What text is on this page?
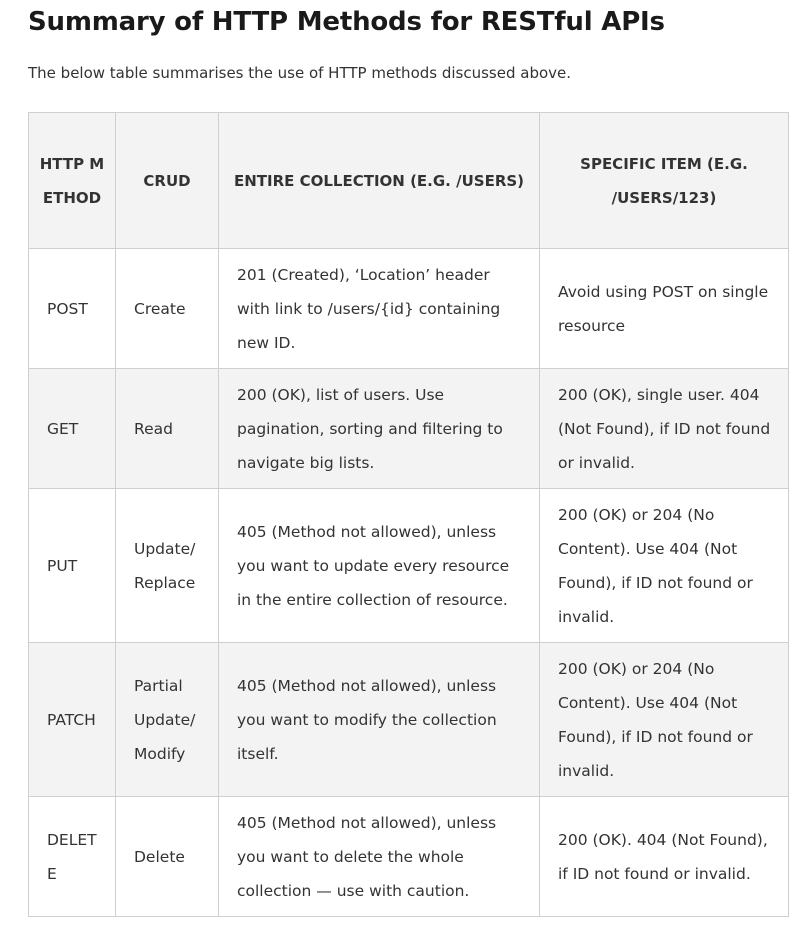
Summary of HTTP Methods for RESTful APIs

The below table summarises the use of HTTP methods discussed above.

HTTP METHOD	CRUD	ENTIRE COLLECTION (E.G. /USERS)	SPECIFIC ITEM (E.G. /USERS/123)
POST	Create	201 (Created), ‘Location’ header with link to /users/{id} containing new ID.	Avoid using POST on single resource
GET	Read	200 (OK), list of users. Use pagination, sorting and filtering to navigate big lists.	200 (OK), single user. 404 (Not Found), if ID not found or invalid.
PUT	Update/ Replace	405 (Method not allowed), unless you want to update every resource in the entire collection of resource.	200 (OK) or 204 (No Content). Use 404 (Not Found), if ID not found or invalid.
PATCH	Partial Update/ Modify	405 (Method not allowed), unless you want to modify the collection itself.	200 (OK) or 204 (No Content). Use 404 (Not Found), if ID not found or invalid.
DELETE	Delete	405 (Method not allowed), unless you want to delete the whole collection — use with caution.	200 (OK). 404 (Not Found), if ID not found or invalid.
